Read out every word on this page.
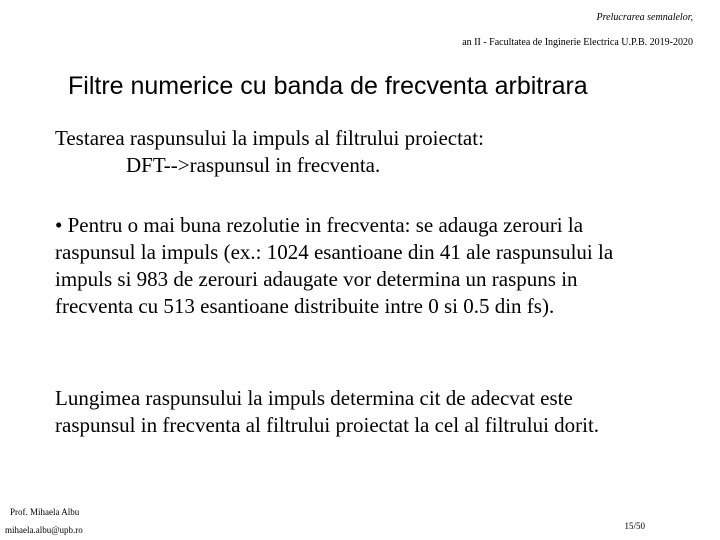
Prelucrarea semnalelor,
an II - Facultatea de Inginerie Electrica U.P.B. 2019-2020
Filtre numerice cu banda de frecventa arbitrara
Testarea raspunsului la impuls al filtrului proiectat:
DFT-->raspunsul in frecventa.
• Pentru o mai buna rezolutie in frecventa: se adauga zerouri la raspunsul la impuls (ex.: 1024 esantioane din 41 ale raspunsului la impuls si 983 de zerouri adaugate vor determina un raspuns in frecventa cu 513 esantioane distribuite intre 0 si 0.5 din fs).
Lungimea raspunsului la impuls determina cit de adecvat este raspunsul in frecventa al filtrului proiectat la cel al filtrului dorit.
Prof. Mihaela Albu
mihaela.albu@upb.ro	15/50
